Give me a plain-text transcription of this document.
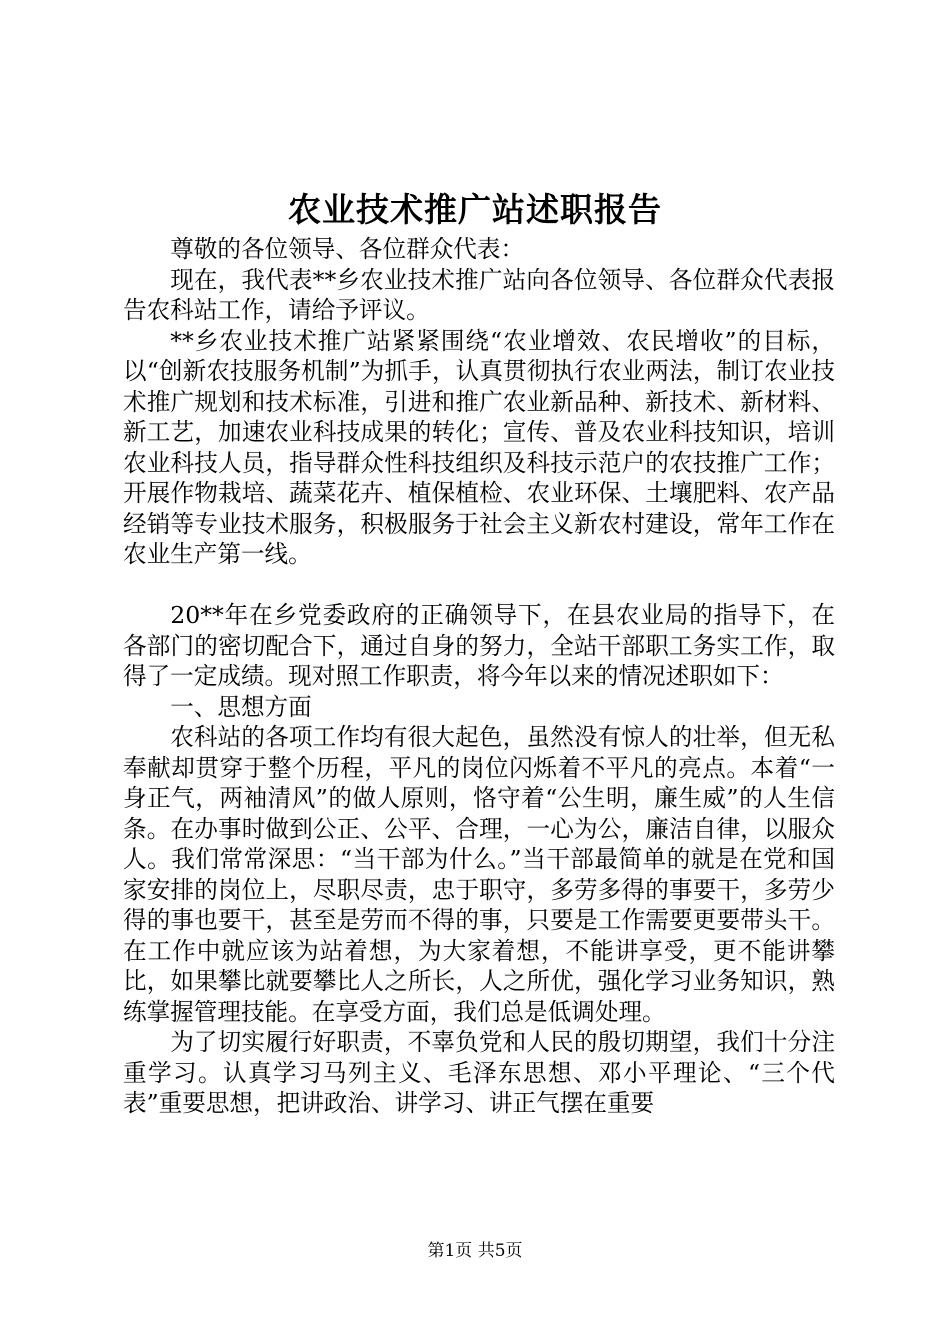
农业技术推广站述职报告

尊敬的各位领导、各位群众代表：

现在，我代表**乡农业技术推广站向各位领导、各位群众代表报告农科站工作，请给予评议。

**乡农业技术推广站紧紧围绕“农业增效、农民增收”的目标，以“创新农技服务机制”为抓手，认真贯彻执行农业两法，制订农业技术推广规划和技术标准，引进和推广农业新品种、新技术、新材料、新工艺，加速农业科技成果的转化；宣传、普及农业科技知识，培训农业科技人员，指导群众性科技组织及科技示范户的农技推广工作；开展作物栽培、蔬菜花卉、植保植检、农业环保、土壤肥料、农产品经销等专业技术服务，积极服务于社会主义新农村建设，常年工作在农业生产第一线。

20**年在乡党委政府的正确领导下，在县农业局的指导下，在各部门的密切配合下，通过自身的努力，全站干部职工务实工作，取得了一定成绩。现对照工作职责，将今年以来的情况述职如下：

一、思想方面

农科站的各项工作均有很大起色，虽然没有惊人的壮举，但无私奉献却贯穿于整个历程，平凡的岗位闪烁着不平凡的亮点。本着“一身正气，两袖清风”的做人原则，恪守着“公生明，廉生威”的人生信条。在办事时做到公正、公平、合理，一心为公，廉洁自律，以服众人。我们常常深思：“当干部为什么。”当干部最简单的就是在党和国家安排的岗位上，尽职尽责，忠于职守，多劳多得的事要干，多劳少得的事也要干，甚至是劳而不得的事，只要是工作需要更要带头干。在工作中就应该为站着想，为大家着想，不能讲享受，更不能讲攀比，如果攀比就要攀比人之所长，人之所优，强化学习业务知识，熟练掌握管理技能。在享受方面，我们总是低调处理。

为了切实履行好职责，不辜负党和人民的殷切期望，我们十分注重学习。认真学习马列主义、毛泽东思想、邓小平理论、“三个代表”重要思想，把讲政治、讲学习、讲正气摆在重要

第1页 共5页
